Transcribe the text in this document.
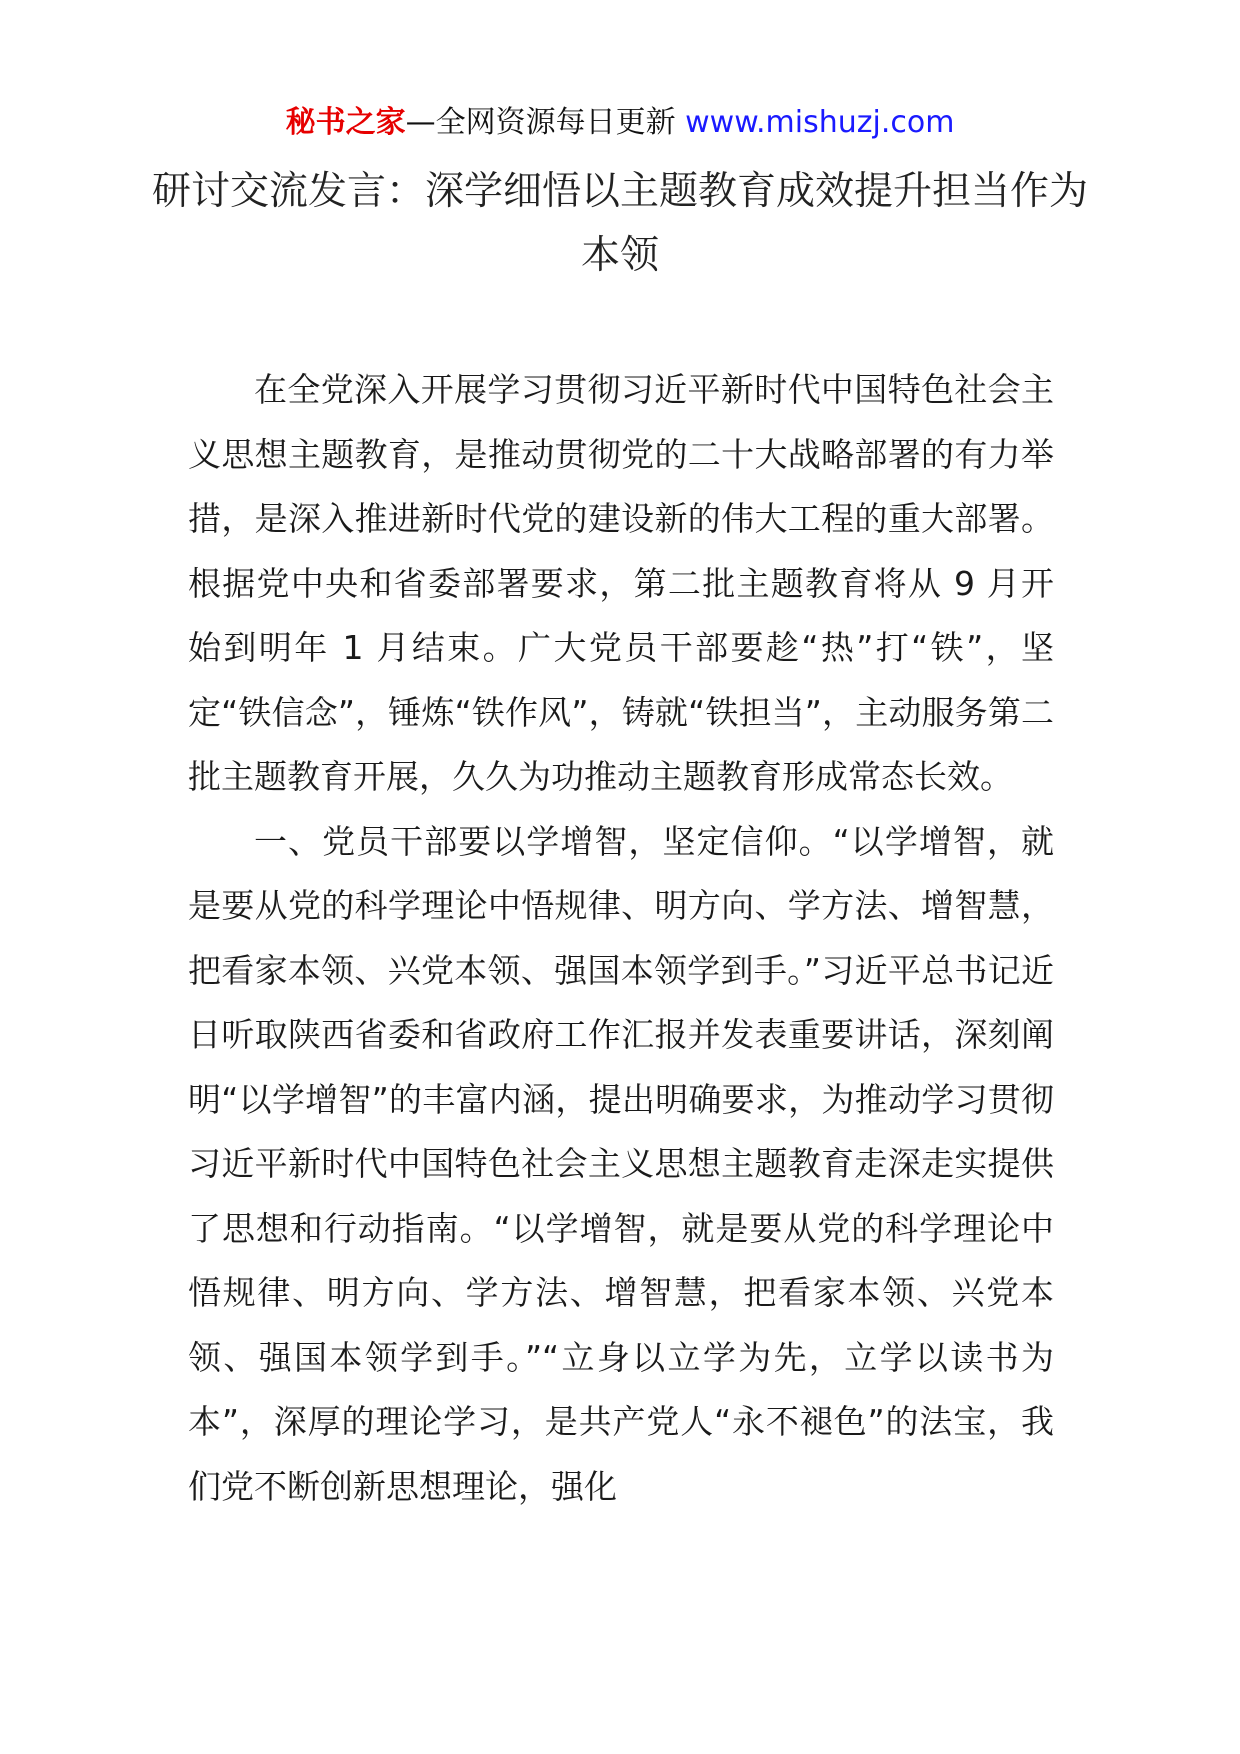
秘书之家—全网资源每日更新 www.mishuzj.com
研讨交流发言：深学细悟以主题教育成效提升担当作为本领

在全党深入开展学习贯彻习近平新时代中国特色社会主义思想主题教育，是推动贯彻党的二十大战略部署的有力举措，是深入推进新时代党的建设新的伟大工程的重大部署。根据党中央和省委部署要求，第二批主题教育将从 9 月开始到明年 1 月结束。广大党员干部要趁“热”打“铁”，坚定“铁信念”，锤炼“铁作风”，铸就“铁担当”，主动服务第二批主题教育开展，久久为功推动主题教育形成常态长效。

一、党员干部要以学增智，坚定信仰。“以学增智，就是要从党的科学理论中悟规律、明方向、学方法、增智慧，把看家本领、兴党本领、强国本领学到手。”习近平总书记近日听取陕西省委和省政府工作汇报并发表重要讲话，深刻阐明“以学增智”的丰富内涵，提出明确要求，为推动学习贯彻习近平新时代中国特色社会主义思想主题教育走深走实提供了思想和行动指南。“以学增智，就是要从党的科学理论中悟规律、明方向、学方法、增智慧，把看家本领、兴党本领、强国本领学到手。”“立身以立学为先，立学以读书为本”，深厚的理论学习，是共产党人“永不褪色”的法宝，我们党不断创新思想理论，强化
